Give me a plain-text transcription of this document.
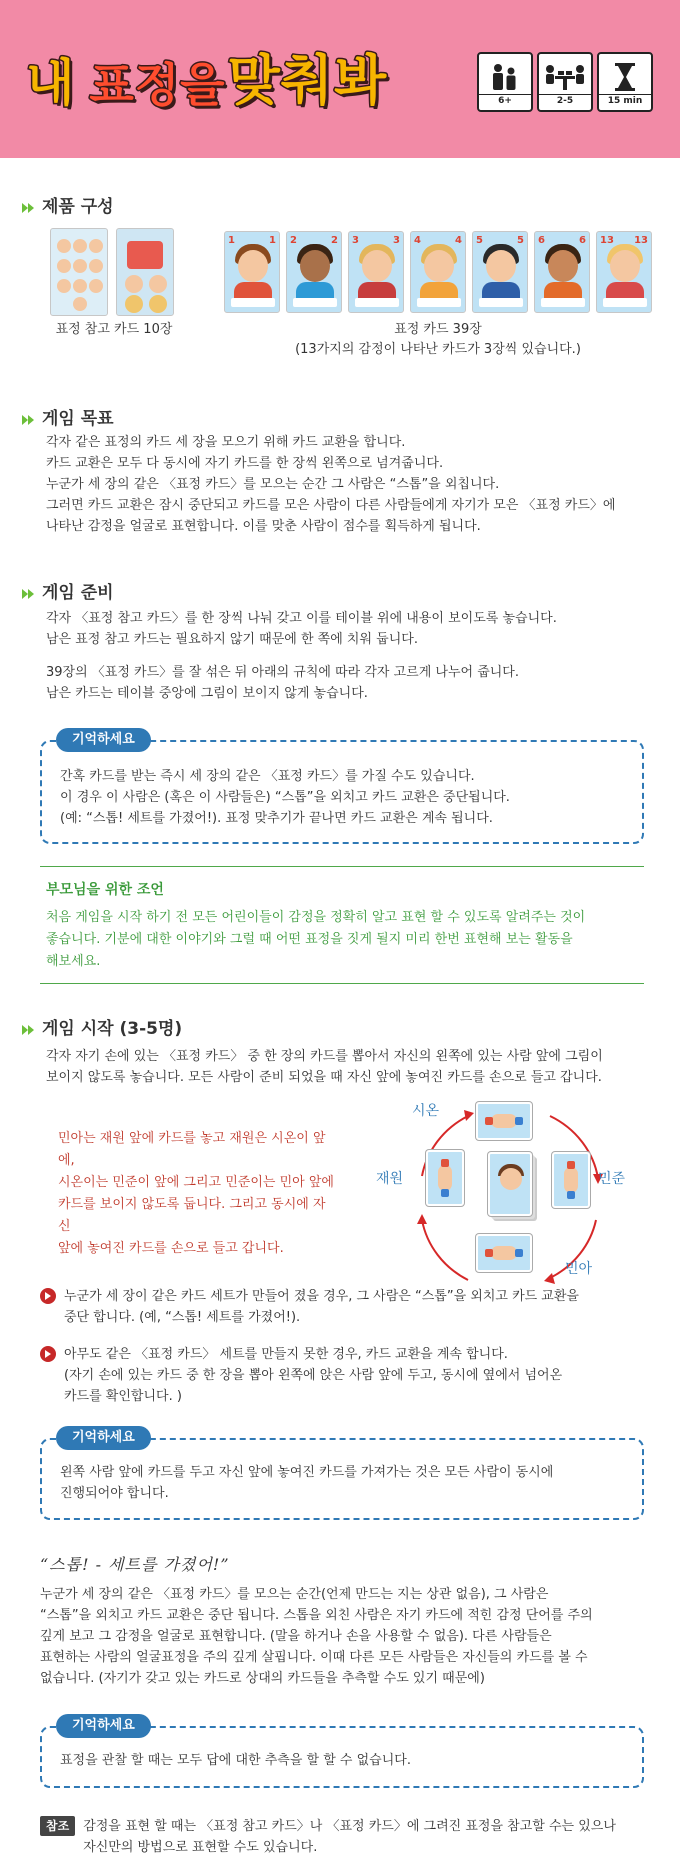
내 표정을 맞춰봐	6+	2-5	15 min
제품 구성
표정 참고 카드 10장
1	1 2	2 3	3 4	4 5	5 6	6 13 13
표정 카드 39장
(13가지의 감정이 나타난 카드가 3장씩 있습니다.)
게임 목표
각자 같은 표정의 카드 세 장을 모으기 위해 카드 교환을 합니다.
카드 교환은 모두 다 동시에 자기 카드를 한 장씩 왼쪽으로 넘겨줍니다.
누군가 세 장의 같은 〈표정 카드〉를 모으는 순간 그 사람은 “스톱”을 외칩니다.
그러면 카드 교환은 잠시 중단되고 카드를 모은 사람이 다른 사람들에게 자기가 모은 〈표정 카드〉에
나타난 감정을 얼굴로 표현합니다. 이를 맞춘 사람이 점수를 획득하게 됩니다.
게임 준비
각자 〈표정 참고 카드〉를 한 장씩 나눠 갖고 이를 테이블 위에 내용이 보이도록 놓습니다.
남은 표정 참고 카드는 필요하지 않기 때문에 한 쪽에 치워 둡니다.
39장의 〈표정 카드〉를 잘 섞은 뒤 아래의 규칙에 따라 각자 고르게 나누어 줍니다.
남은 카드는 테이블 중앙에 그림이 보이지 않게 놓습니다.
기억하세요
간혹 카드를 받는 즉시 세 장의 같은 〈표정 카드〉를 가질 수도 있습니다.
이 경우 이 사람은 (혹은 이 사람들은) “스톱”을 외치고 카드 교환은 중단됩니다.
(예: “스톱! 세트를 가졌어!). 표정 맞추기가 끝나면 카드 교환은 계속 됩니다.
부모님을 위한 조언
처음 게임을 시작 하기 전 모든 어린이들이 감정을 정확히 알고 표현 할 수 있도록 알려주는 것이
좋습니다. 기분에 대한 이야기와 그럴 때 어떤 표정을 짓게 될지 미리 한번 표현해 보는 활동을
해보세요.
게임 시작 (3-5명)
각자 자기 손에 있는 〈표정 카드〉 중 한 장의 카드를 뽑아서 자신의 왼쪽에 있는 사람 앞에 그림이
보이지 않도록 놓습니다. 모든 사람이 준비 되었을 때 자신 앞에 놓여진 카드를 손으로 들고 갑니다.
민아는 재원 앞에 카드를 놓고 재원은 시온이 앞에,
시온이는 민준이 앞에 그리고 민준이는 민아 앞에
카드를 보이지 않도록 둡니다. 그리고 동시에 자신
앞에 놓여진 카드를 손으로 들고 갑니다.
시온
재원	민준
민아
누군가 세 장이 같은 카드 세트가 만들어 졌을 경우, 그 사람은 “스톱”을 외치고 카드 교환을
중단 합니다. (예, “스톱! 세트를 가졌어!).
아무도 같은 〈표정 카드〉 세트를 만들지 못한 경우, 카드 교환을 계속 합니다.
(자기 손에 있는 카드 중 한 장을 뽑아 왼쪽에 앉은 사람 앞에 두고, 동시에 옆에서 넘어온
카드를 확인합니다. )
기억하세요
왼쪽 사람 앞에 카드를 두고 자신 앞에 놓여진 카드를 가져가는 것은 모든 사람이 동시에
진행되어야 합니다.
“스톱! - 세트를 가졌어!”
누군가 세 장의 같은 〈표정 카드〉를 모으는 순간(언제 만드는 지는 상관 없음), 그 사람은
“스톱”을 외치고 카드 교환은 중단 됩니다. 스톱을 외친 사람은 자기 카드에 적힌 감정 단어를 주의
깊게 보고 그 감정을 얼굴로 표현합니다. (말을 하거나 손을 사용할 수 없음). 다른 사람들은
표현하는 사람의 얼굴표정을 주의 깊게 살핍니다. 이때 다른 모든 사람들은 자신들의 카드를 볼 수
없습니다. (자기가 갖고 있는 카드로 상대의 카드들을 추측할 수도 있기 때문에)
기억하세요
표정을 관찰 할 때는 모두 답에 대한 추측을 할 할 수 없습니다.
참조	감정을 표현 할 때는 〈표정 참고 카드〉나 〈표정 카드〉에 그려진 표정을 참고할 수는 있으나
자신만의 방법으로 표현할 수도 있습니다.
